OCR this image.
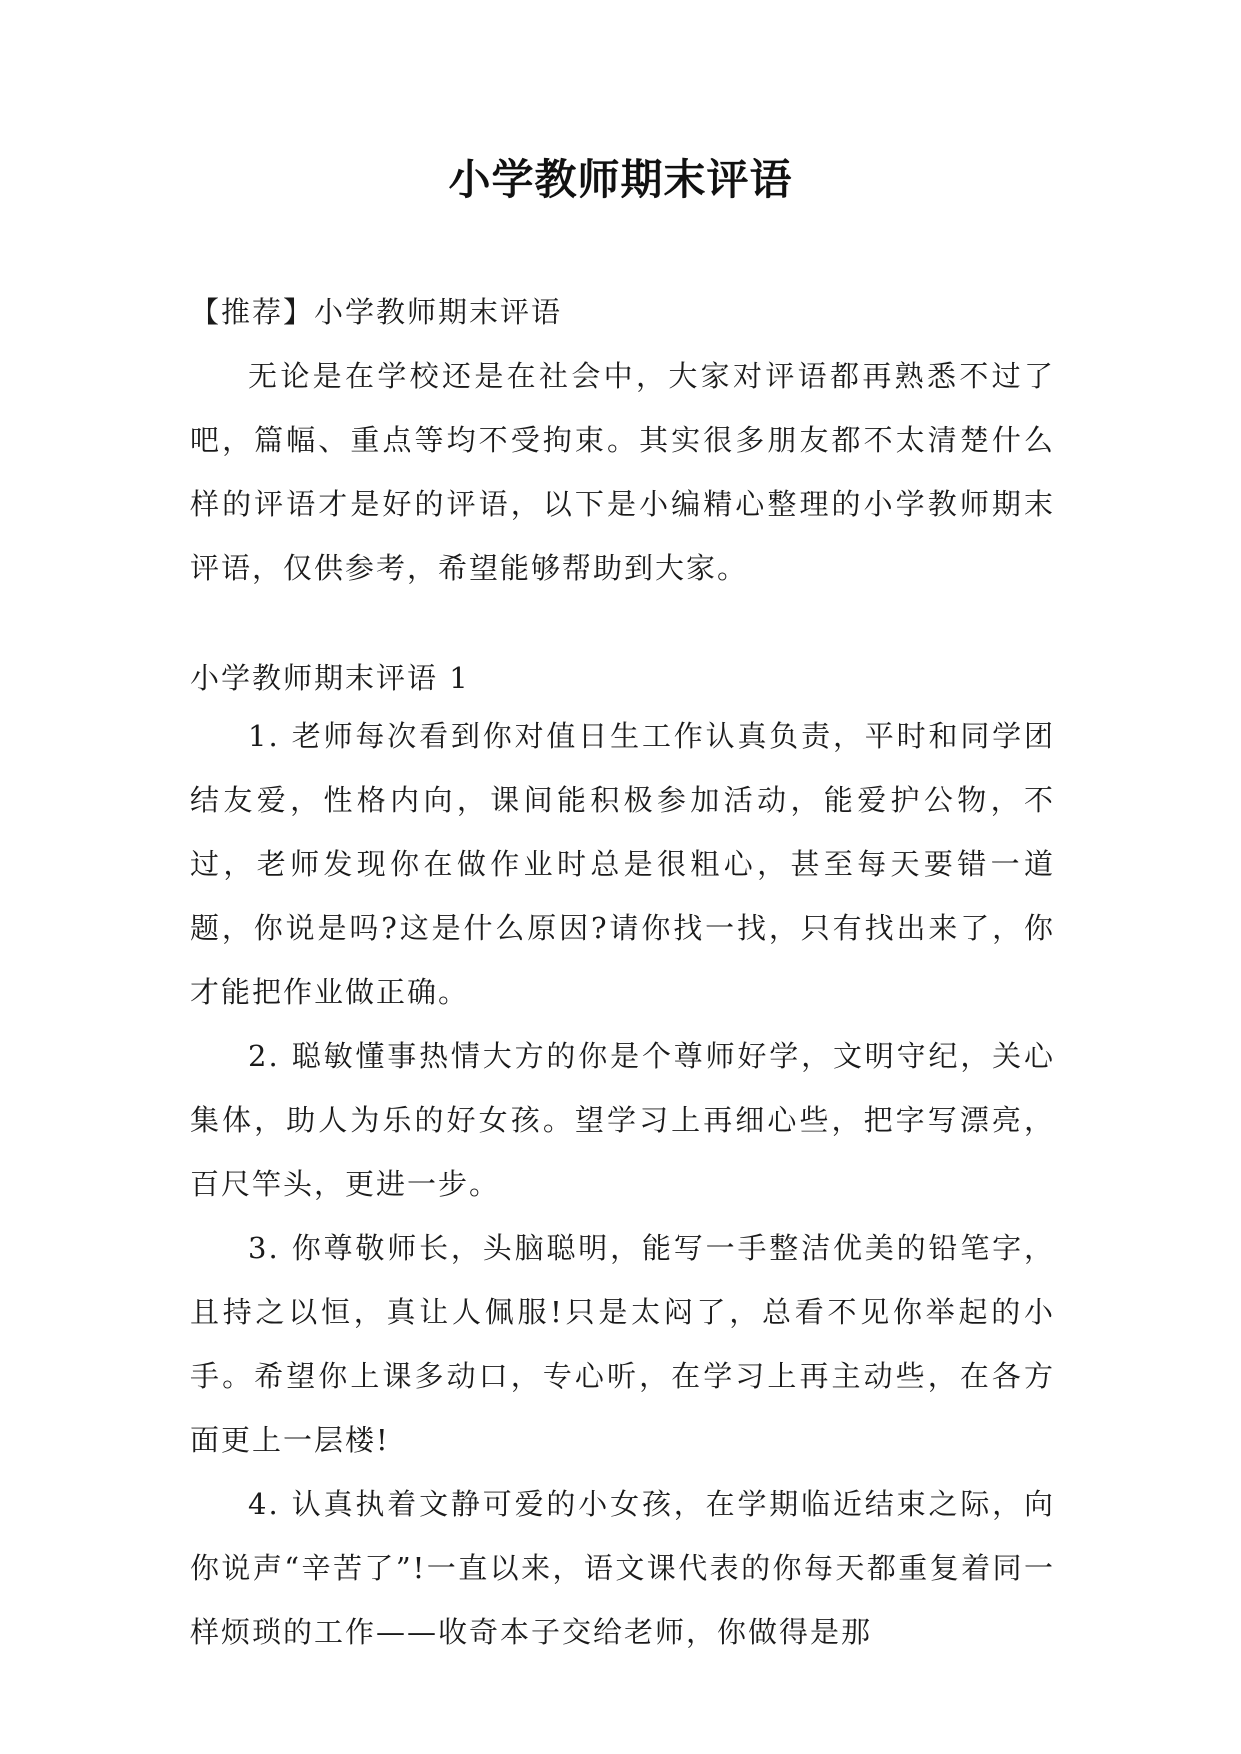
小学教师期末评语

【推荐】小学教师期末评语

无论是在学校还是在社会中，大家对评语都再熟悉不过了吧，篇幅、重点等均不受拘束。其实很多朋友都不太清楚什么样的评语才是好的评语，以下是小编精心整理的小学教师期末评语，仅供参考，希望能够帮助到大家。

小学教师期末评语 1

1. 老师每次看到你对值日生工作认真负责，平时和同学团结友爱，性格内向，课间能积极参加活动，能爱护公物，不过，老师发现你在做作业时总是很粗心，甚至每天要错一道题，你说是吗?这是什么原因?请你找一找，只有找出来了，你才能把作业做正确。

2. 聪敏懂事热情大方的你是个尊师好学，文明守纪，关心集体，助人为乐的好女孩。望学习上再细心些，把字写漂亮，百尺竿头，更进一步。

3. 你尊敬师长，头脑聪明，能写一手整洁优美的铅笔字，且持之以恒，真让人佩服!只是太闷了，总看不见你举起的小手。希望你上课多动口，专心听，在学习上再主动些，在各方面更上一层楼!

4. 认真执着文静可爱的小女孩，在学期临近结束之际，向你说声“辛苦了”!一直以来，语文课代表的你每天都重复着同一样烦琐的工作——收奇本子交给老师，你做得是那
